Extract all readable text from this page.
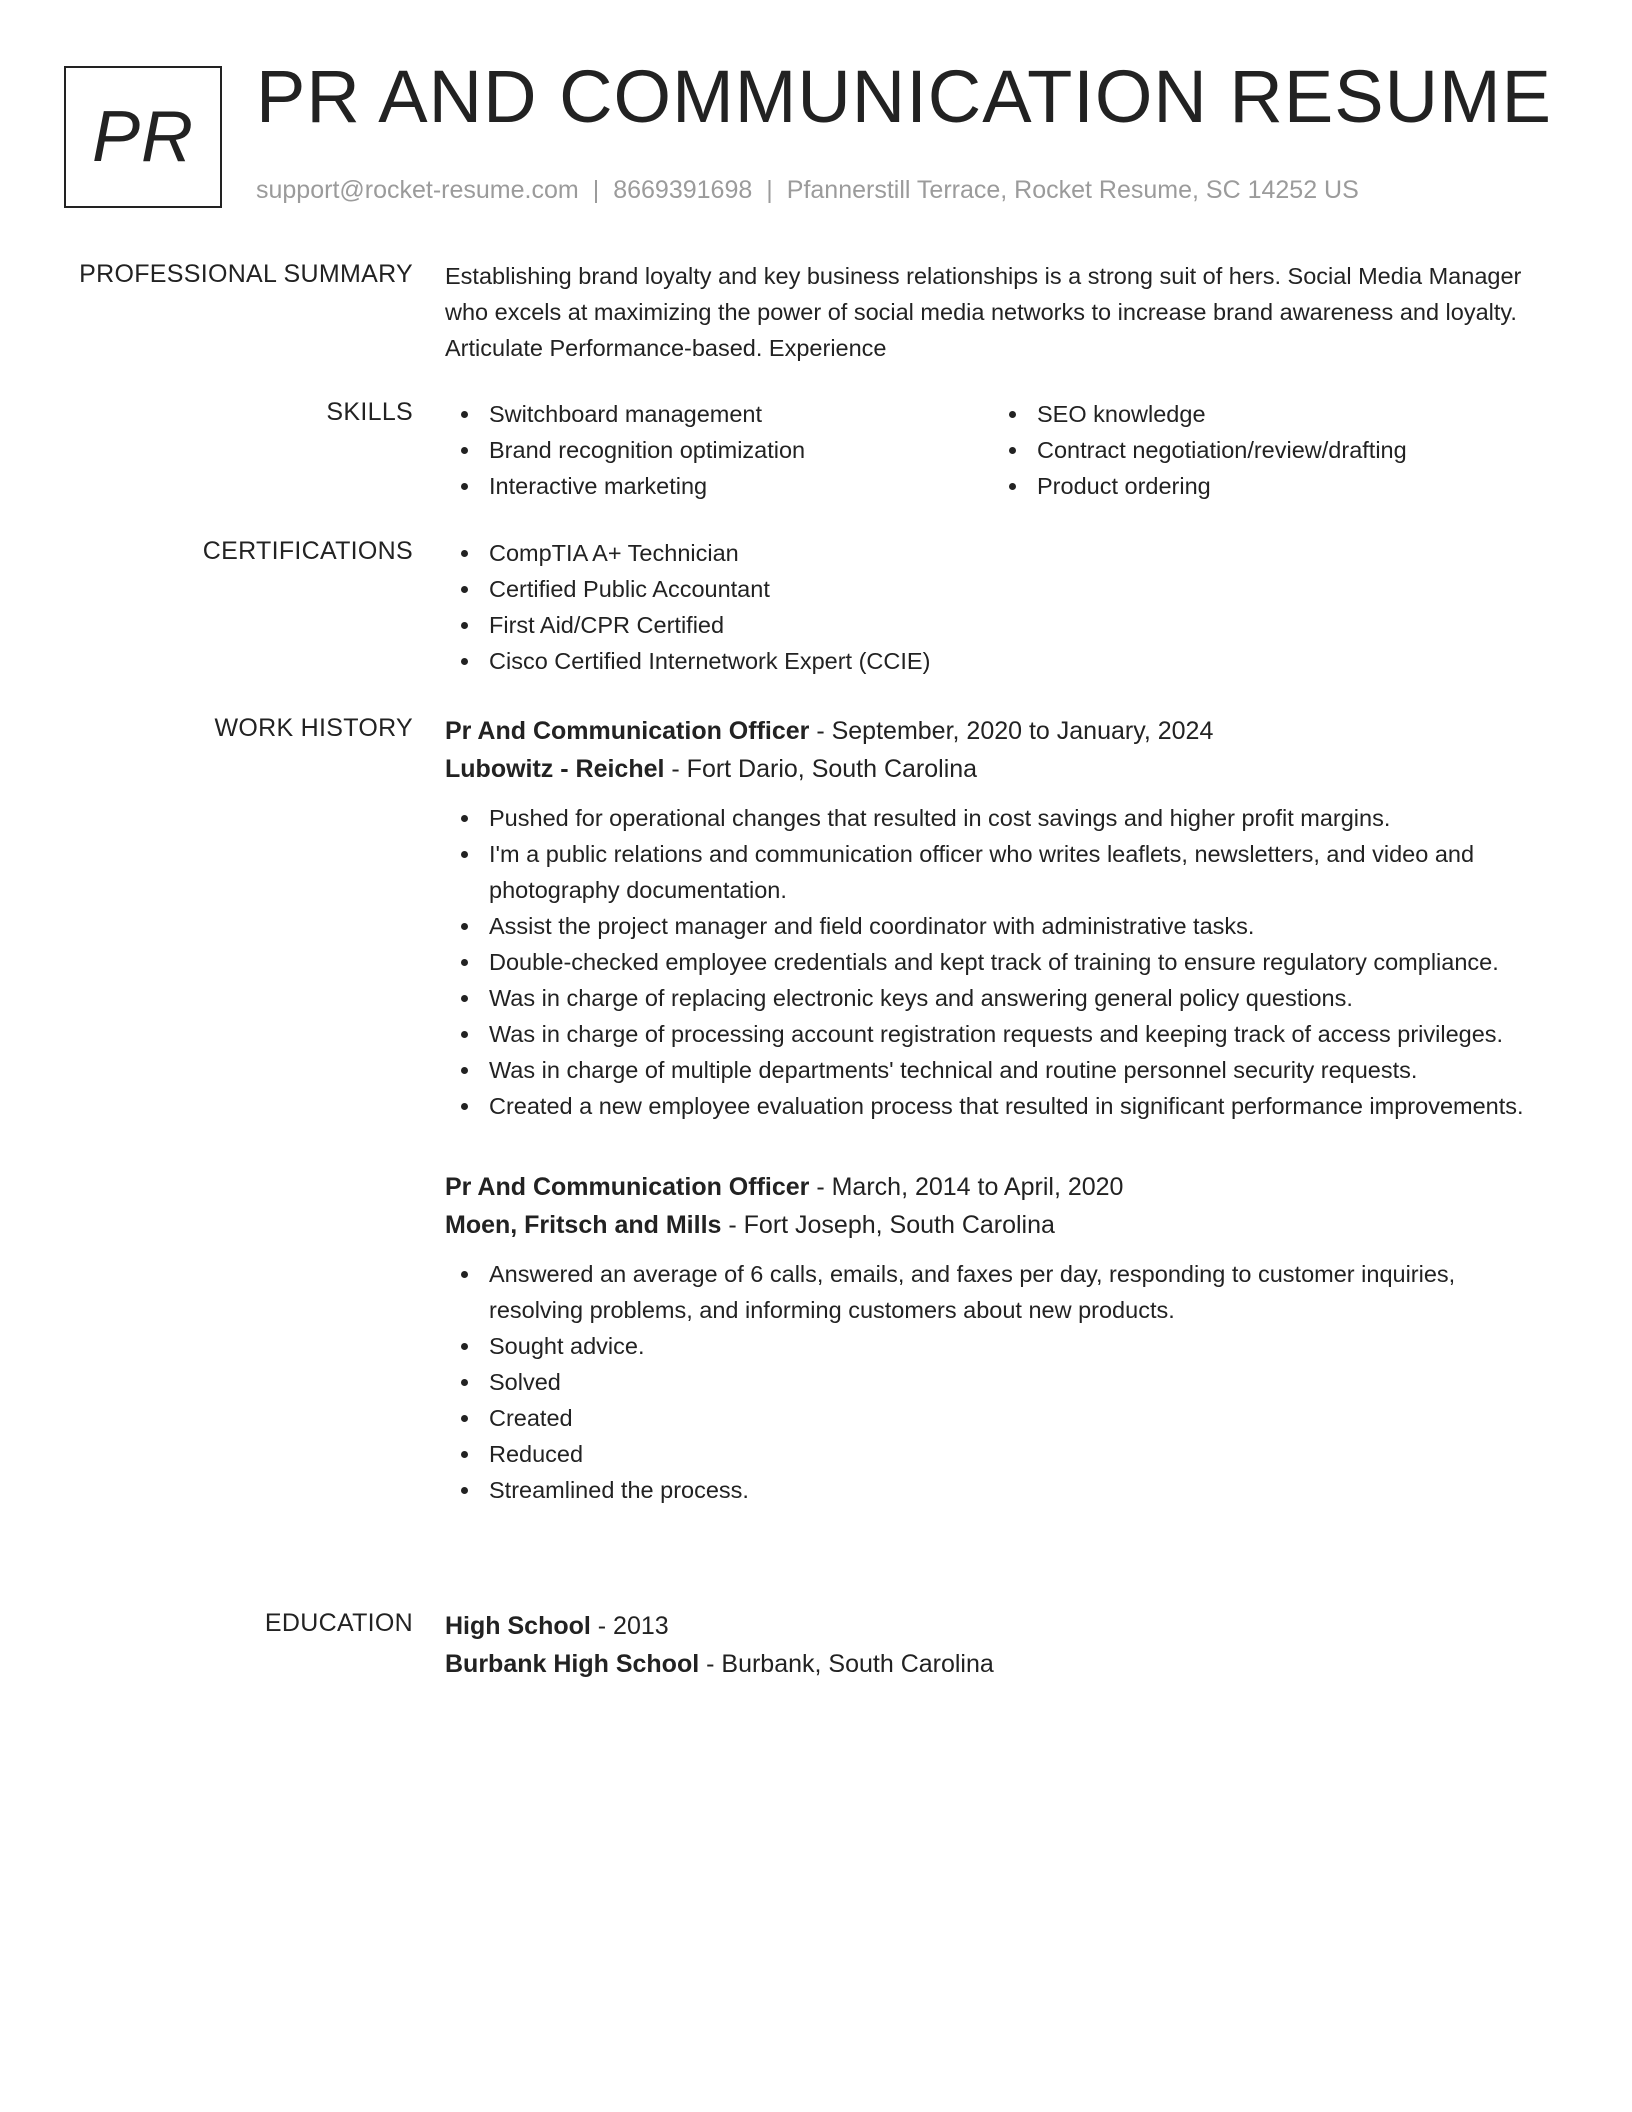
PR PR AND COMMUNICATION RESUME
support@rocket-resume.com | 8669391698 | Pfannerstill Terrace, Rocket Resume, SC 14252 US
PROFESSIONAL SUMMARY Establishing brand loyalty and key business relationships is a strong suit of hers. Social Media Manager who excels at maximizing the power of social media networks to increase brand awareness and loyalty. Articulate Performance-based. Experience
SKILLS	Switchboard management
Brand recognition optimization
Interactive marketing
SEO knowledge
Contract negotiation/review/drafting
Product ordering
CERTIFICATIONS	CompTIA A+ Technician
Certified Public Accountant
First Aid/CPR Certified
Cisco Certified Internetwork Expert (CCIE)
WORK HISTORY Pr And Communication Officer - September, 2020 to January, 2024
Lubowitz - Reichel - Fort Dario, South Carolina
Pushed for operational changes that resulted in cost savings and higher profit margins.
I'm a public relations and communication officer who writes leaflets, newsletters, and video and photography documentation.
Assist the project manager and field coordinator with administrative tasks.
Double-checked employee credentials and kept track of training to ensure regulatory compliance.
Was in charge of replacing electronic keys and answering general policy questions.
Was in charge of processing account registration requests and keeping track of access privileges.
Was in charge of multiple departments' technical and routine personnel security requests.
Created a new employee evaluation process that resulted in significant performance improvements.
Pr And Communication Officer - March, 2014 to April, 2020
Moen, Fritsch and Mills - Fort Joseph, South Carolina
Answered an average of 6 calls, emails, and faxes per day, responding to customer inquiries, resolving problems, and informing customers about new products.
Sought advice.
Solved
Created
Reduced
Streamlined the process.
EDUCATION High School - 2013
Burbank High School - Burbank, South Carolina
